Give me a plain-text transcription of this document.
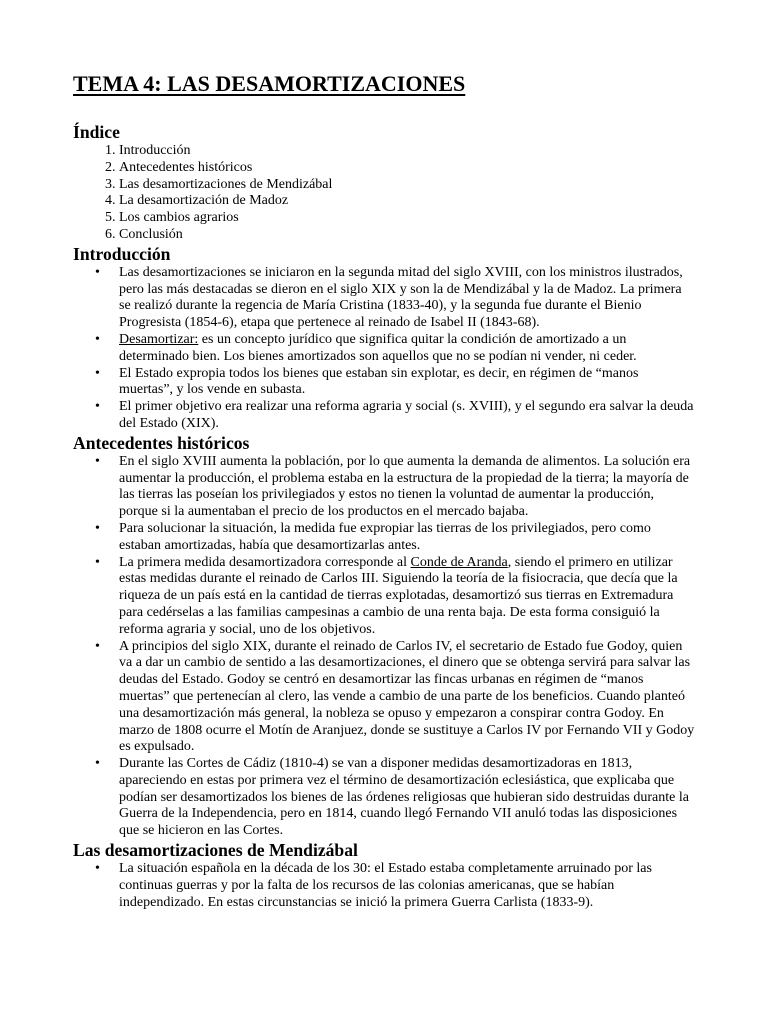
TEMA 4: LAS DESAMORTIZACIONES
Índice
1. Introducción
2. Antecedentes históricos
3. Las desamortizaciones de Mendizábal
4. La desamortización de Madoz
5. Los cambios agrarios
6. Conclusión
Introducción
• Las desamortizaciones se iniciaron en la segunda mitad del siglo XVIII, con los ministros ilustrados, pero las más destacadas se dieron en el siglo XIX y son la de Mendizábal y la de Madoz. La primera se realizó durante la regencia de María Cristina (1833-40), y la segunda fue durante el Bienio Progresista (1854-6), etapa que pertenece al reinado de Isabel II (1843-68).
• Desamortizar: es un concepto jurídico que significa quitar la condición de amortizado a un determinado bien. Los bienes amortizados son aquellos que no se podían ni vender, ni ceder.
• El Estado expropia todos los bienes que estaban sin explotar, es decir, en régimen de “manos muertas”, y los vende en subasta.
• El primer objetivo era realizar una reforma agraria y social (s. XVIII), y el segundo era salvar la deuda del Estado (XIX).
Antecedentes históricos
• En el siglo XVIII aumenta la población, por lo que aumenta la demanda de alimentos. La solución era aumentar la producción, el problema estaba en la estructura de la propiedad de la tierra; la mayoría de las tierras las poseían los privilegiados y estos no tienen la voluntad de aumentar la producción, porque si la aumentaban el precio de los productos en el mercado bajaba.
• Para solucionar la situación, la medida fue expropiar las tierras de los privilegiados, pero como estaban amortizadas, había que desamortizarlas antes.
• La primera medida desamortizadora corresponde al Conde de Aranda, siendo el primero en utilizar estas medidas durante el reinado de Carlos III. Siguiendo la teoría de la fisiocracia, que decía que la riqueza de un país está en la cantidad de tierras explotadas, desamortizó sus tierras en Extremadura para cedérselas a las familias campesinas a cambio de una renta baja. De esta forma consiguió la reforma agraria y social, uno de los objetivos.
• A principios del siglo XIX, durante el reinado de Carlos IV, el secretario de Estado fue Godoy, quien va a dar un cambio de sentido a las desamortizaciones, el dinero que se obtenga servirá para salvar las deudas del Estado. Godoy se centró en desamortizar las fincas urbanas en régimen de “manos muertas” que pertenecían al clero, las vende a cambio de una parte de los beneficios. Cuando planteó una desamortización más general, la nobleza se opuso y empezaron a conspirar contra Godoy. En marzo de 1808 ocurre el Motín de Aranjuez, donde se sustituye a Carlos IV por Fernando VII y Godoy es expulsado.
• Durante las Cortes de Cádiz (1810-4) se van a disponer medidas desamortizadoras en 1813, apareciendo en estas por primera vez el término de desamortización eclesiástica, que explicaba que podían ser desamortizados los bienes de las órdenes religiosas que hubieran sido destruidas durante la Guerra de la Independencia, pero en 1814, cuando llegó Fernando VII anuló todas las disposiciones que se hicieron en las Cortes.
Las desamortizaciones de Mendizábal
• La situación española en la década de los 30: el Estado estaba completamente arruinado por las continuas guerras y por la falta de los recursos de las colonias americanas, que se habían independizado. En estas circunstancias se inició la primera Guerra Carlista (1833-9).
